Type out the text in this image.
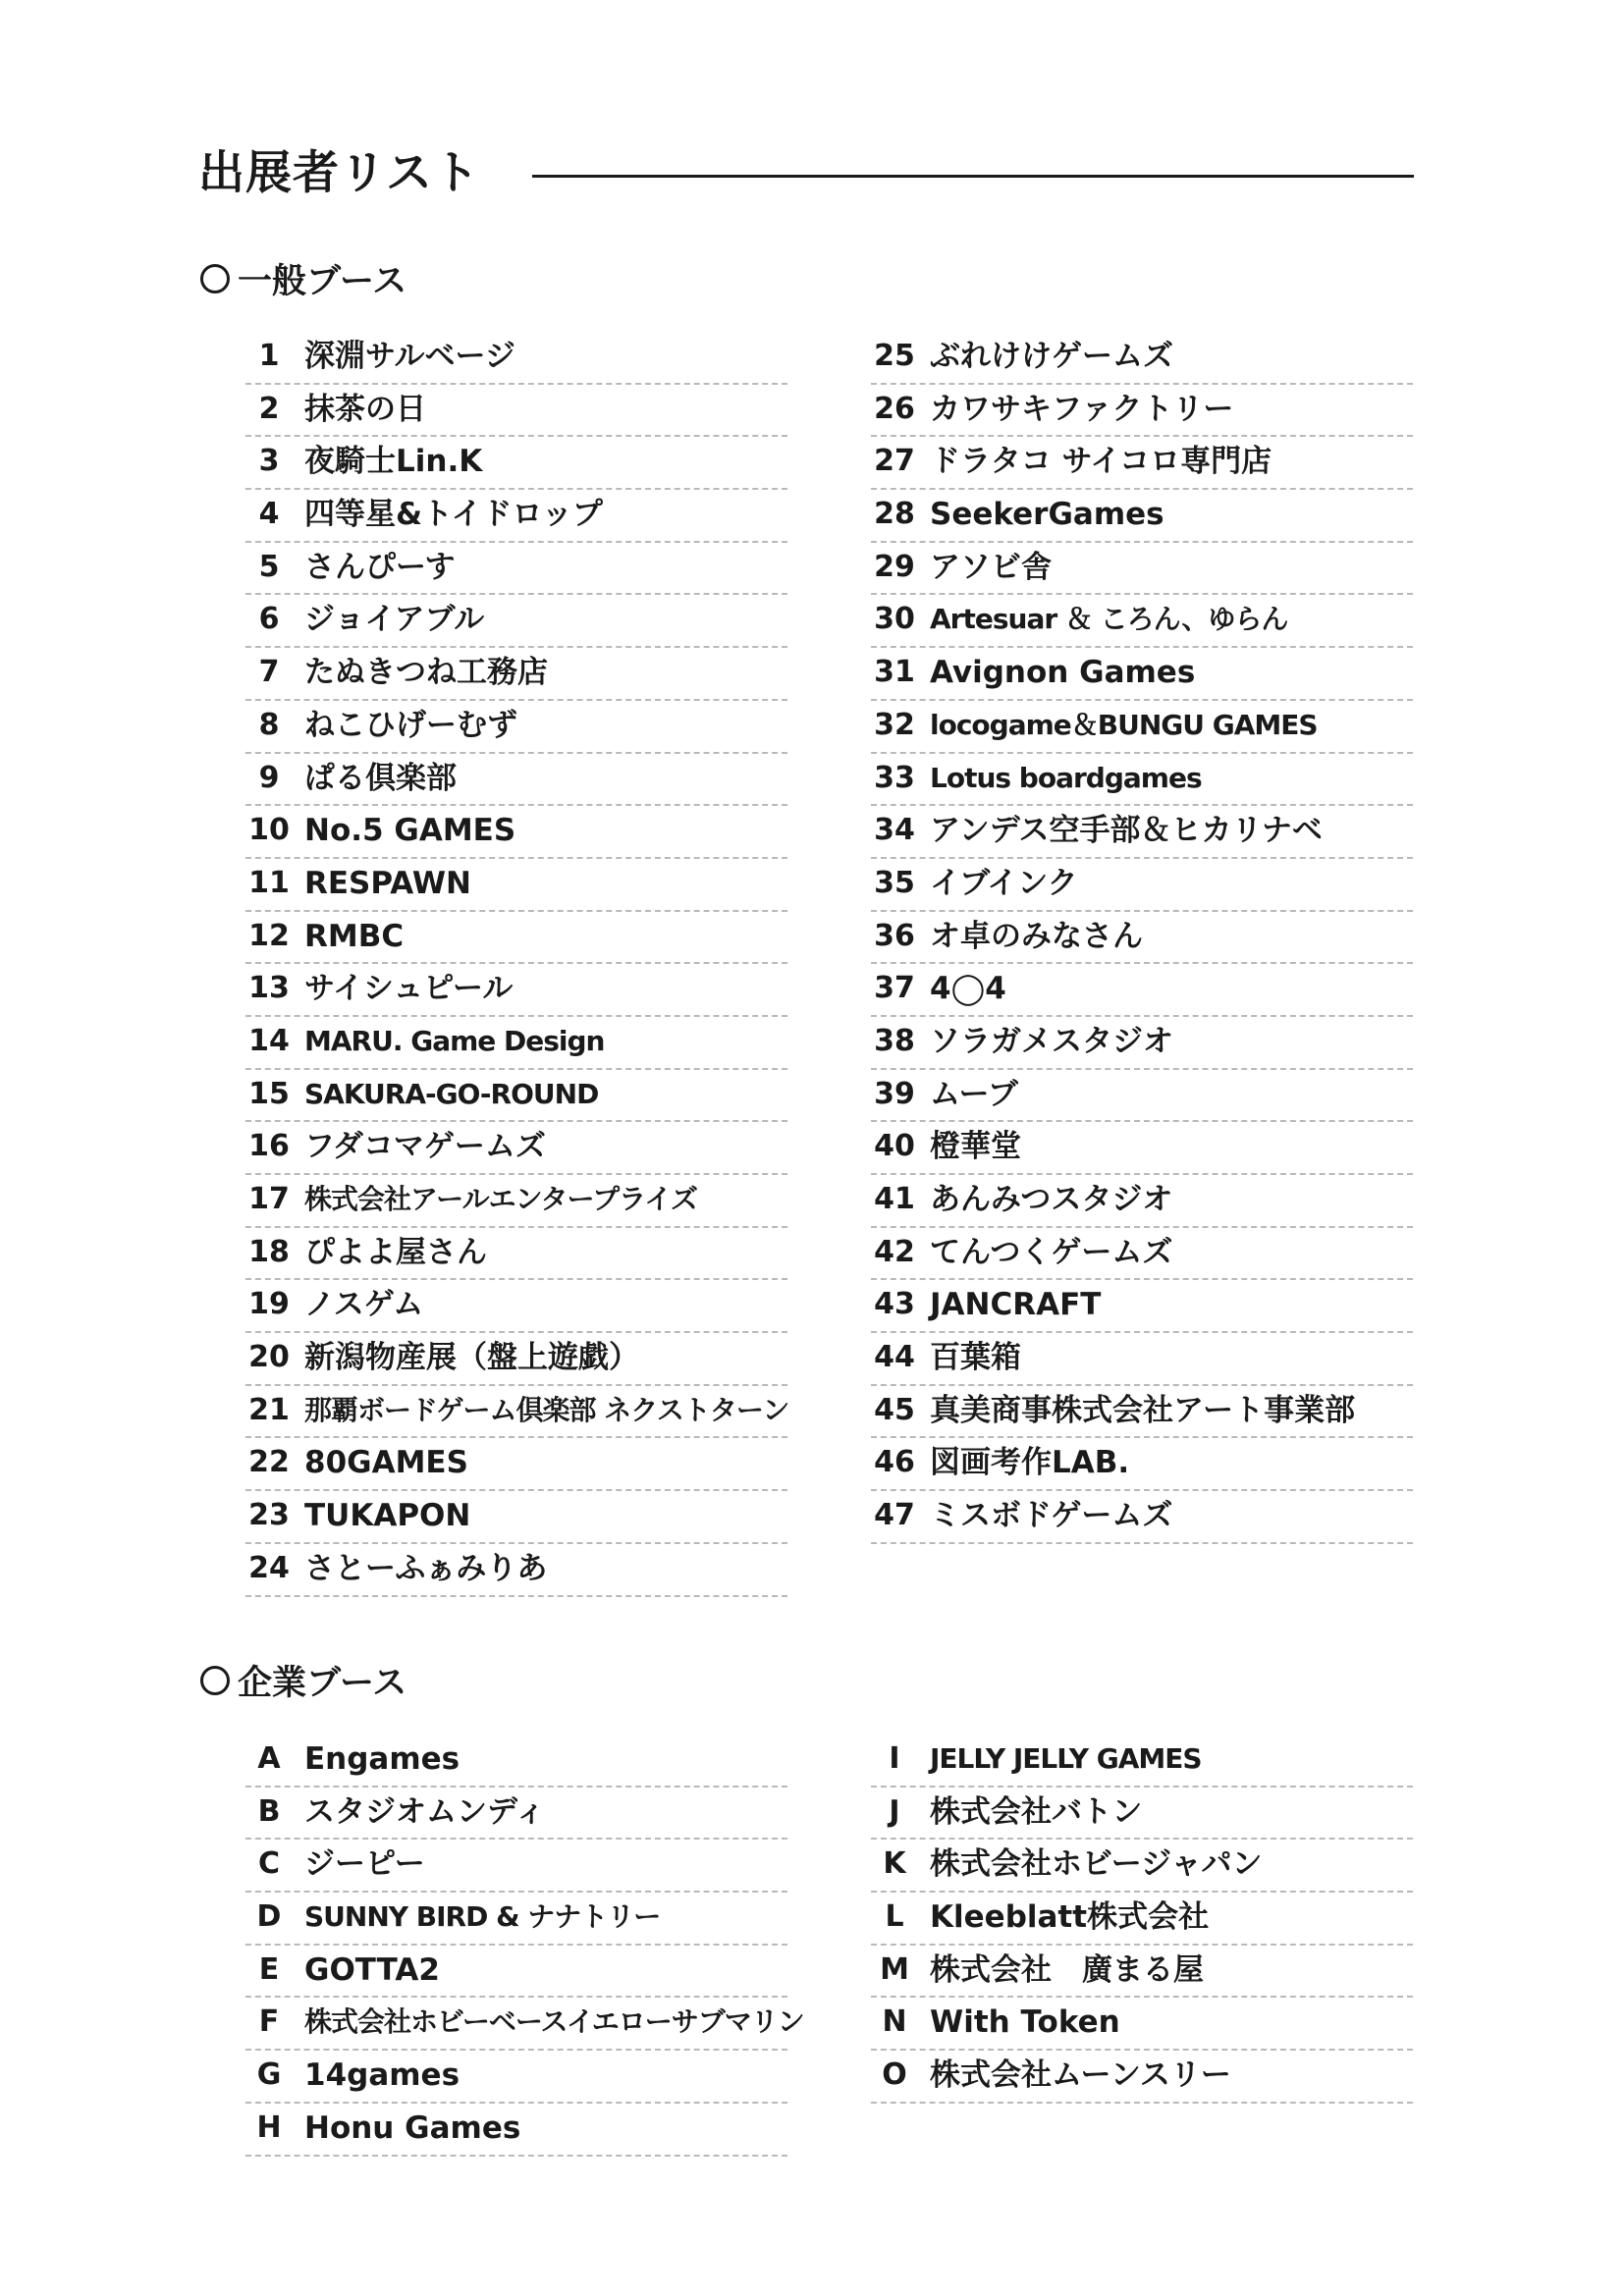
出展者リスト
一般ブース
1 深淵サルベージ
2 抹茶の日
3 夜騎士Lin.K
4 四等星&トイドロップ
5 さんぴーす
6 ジョイアブル
7 たぬきつね工務店
8 ねこひげーむず
9 ぱる倶楽部
10 No.5 GAMES
11 RESPAWN
12 RMBC
13 サイシュピール
14 MARU. Game Design
15 SAKURA-GO-ROUND
16 フダコマゲームズ
17 株式会社アールエンタープライズ
18 ぴよよ屋さん
19 ノスゲム
20 新潟物産展（盤上遊戯）
21 那覇ボードゲーム倶楽部 ネクストターン
22 80GAMES
23 TUKAPON
24 さとーふぁみりあ
25 ぶれけけゲームズ
26 カワサキファクトリー
27 ドラタコ サイコロ専門店
28 SeekerGames
29 アソビ舎
30 Artesuar ＆ ころん、ゆらん
31 Avignon Games
32 locogame＆BUNGU GAMES
33 Lotus boardgames
34 アンデス空手部＆ヒカリナベ
35 イブインク
36 オ卓のみなさん
37 4◯4
38 ソラガメスタジオ
39 ムーブ
40 橙華堂
41 あんみつスタジオ
42 てんつくゲームズ
43 JANCRAFT
44 百葉箱
45 真美商事株式会社アート事業部
46 図画考作LAB.
47 ミスボドゲームズ
企業ブース
A Engames
B スタジオムンディ
C ジーピー
D SUNNY BIRD & ナナトリー
E GOTTA2
F 株式会社ホビーベースイエローサブマリン
G 14games
H Honu Games
I	JELLY JELLY GAMES
J 株式会社バトン
K 株式会社ホビージャパン
L Kleeblatt株式会社
M 株式会社　廣まる屋
N With Token
O 株式会社ムーンスリー
